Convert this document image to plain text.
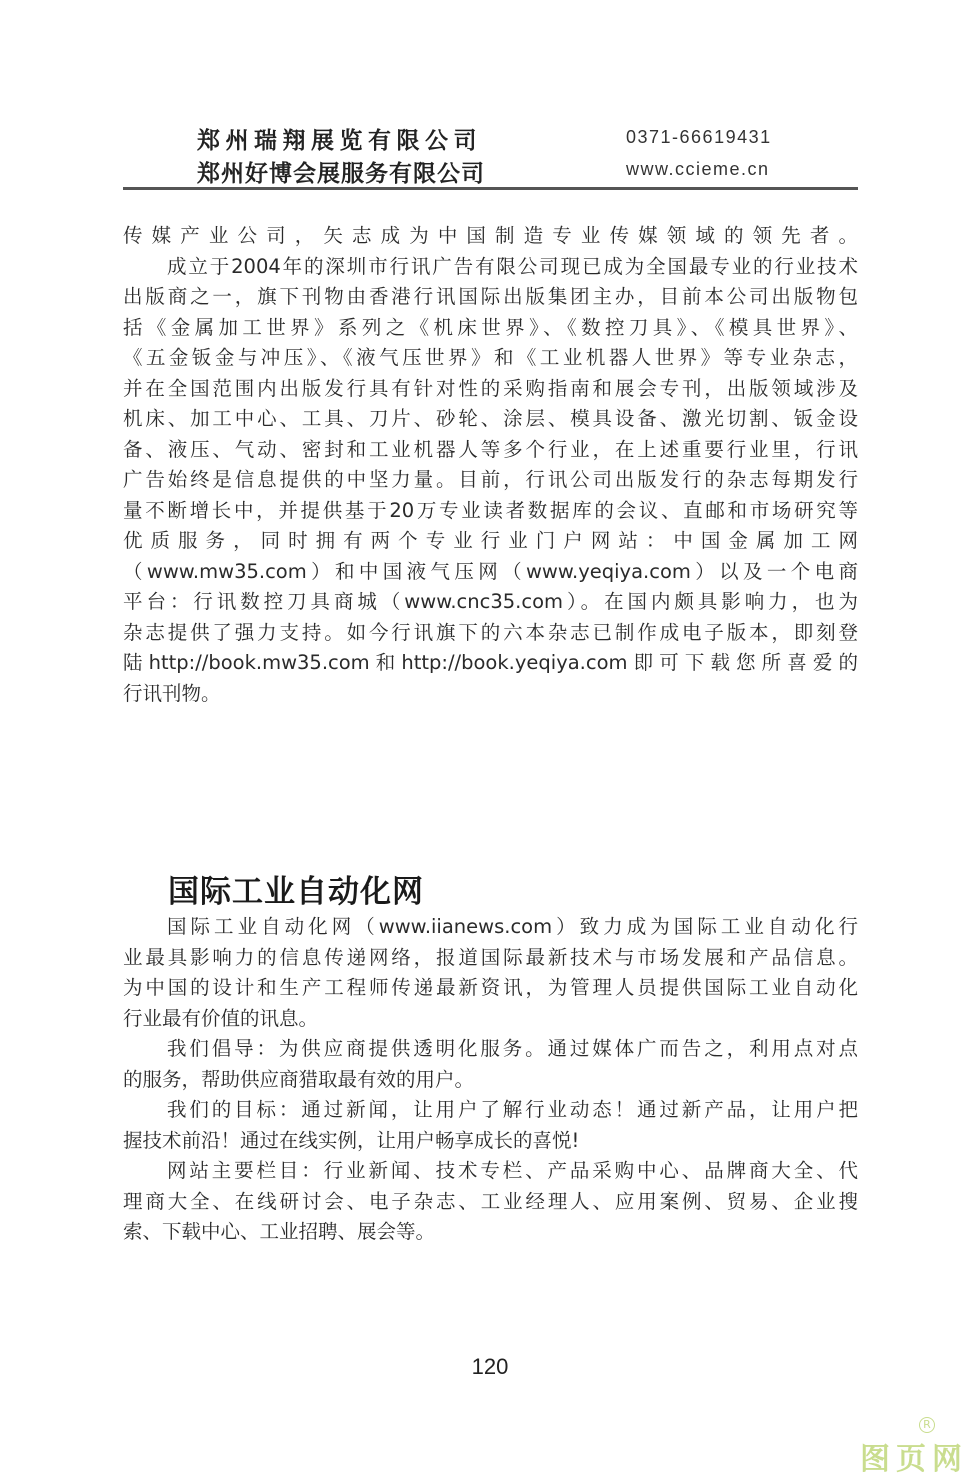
郑州瑞翔展览有限公司
郑州好博会展服务有限公司
0371-66619431
www.ccieme.cn
传媒产业公司，矢志成为中国制造专业传媒领域的领先者。
成立于2004年的深圳市行讯广告有限公司现已成为全国最专业的行业技术
出版商之一，旗下刊物由香港行讯国际出版集团主办，目前本公司出版物包
括《金属加工世界》系列之《机床世界》、《数控刀具》、《模具世界》、
《五金钣金与冲压》、《液气压世界》和《工业机器人世界》等专业杂志，
并在全国范围内出版发行具有针对性的采购指南和展会专刊，出版领域涉及
机床、加工中心、工具、刀片、砂轮、涂层、模具设备、激光切割、钣金设
备、液压、气动、密封和工业机器人等多个行业，在上述重要行业里，行讯
广告始终是信息提供的中坚力量。目前，行讯公司出版发行的杂志每期发行
量不断增长中，并提供基于20万专业读者数据库的会议、直邮和市场研究等
优质服务，同时拥有两个专业行业门户网站：中国金属加工网
（www.mw35.com）和中国液气压网（www.yeqiya.com）以及一个电商
平台：行讯数控刀具商城（www.cnc35.com）。在国内颇具影响力，也为
杂志提供了强力支持。如今行讯旗下的六本杂志已制作成电子版本，即刻登
陆http://book.mw35.com和http://book.yeqiya.com即可下载您所喜爱的
行讯刊物。
国际工业自动化网
国际工业自动化网（www.iianews.com）致力成为国际工业自动化行
业最具影响力的信息传递网络，报道国际最新技术与市场发展和产品信息。
为中国的设计和生产工程师传递最新资讯，为管理人员提供国际工业自动化
行业最有价值的讯息。
我们倡导：为供应商提供透明化服务。通过媒体广而告之，利用点对点
的服务，帮助供应商猎取最有效的用户。
我们的目标：通过新闻，让用户了解行业动态！通过新产品，让用户把
握技术前沿！通过在线实例，让用户畅享成长的喜悦!
网站主要栏目：行业新闻、技术专栏、产品采购中心、品牌商大全、代
理商大全、在线研讨会、电子杂志、工业经理人、应用案例、贸易、企业搜
索、下载中心、工业招聘、展会等。
120
图页网
R
